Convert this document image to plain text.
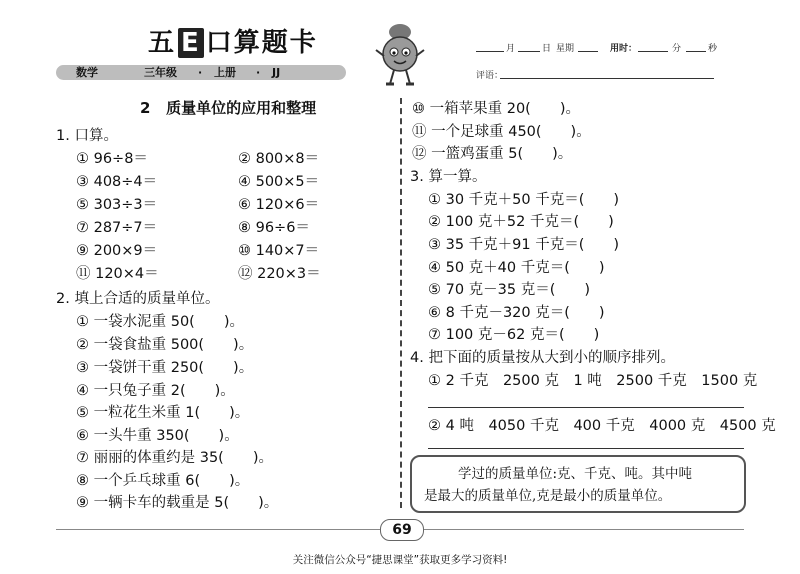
五 E 口算题卡
数学	三年级 · 上册 · JJ
月	日 星期	用时：	分	秒
评语：
2 质量单位的应用和整理
1. 口算。
① 96÷8＝	② 800×8＝
③ 408÷4＝	④ 500×5＝
⑤ 303÷3＝	⑥ 120×6＝
⑦ 287÷7＝	⑧ 96÷6＝
⑨ 200×9＝	⑩ 140×7＝
⑪ 120×4＝	⑫ 220×3＝
2. 填上合适的质量单位。
① 一袋水泥重 50(　　)。
② 一袋食盐重 500(　　)。
③ 一袋饼干重 250(　　)。
④ 一只兔子重 2(　　)。
⑤ 一粒花生米重 1(　　)。
⑥ 一头牛重 350(　　)。
⑦ 丽丽的体重约是 35(　　)。
⑧ 一个乒乓球重 6(　　)。
⑨ 一辆卡车的载重是 5(　　)。
⑩ 一箱苹果重 20(　　)。
⑪ 一个足球重 450(　　)。
⑫ 一篮鸡蛋重 5(　　)。
3. 算一算。
① 30 千克＋50 千克＝(　　)
② 100 克＋52 千克＝(　　)
③ 35 千克＋91 千克＝(　　)
④ 50 克＋40 千克＝(　　)
⑤ 70 克－35 克＝(　　)
⑥ 8 千克－320 克＝(　　)
⑦ 100 克－62 克＝(　　)
4. 把下面的质量按从大到小的顺序排列。
① 2 千克　2500 克　1 吨　2500 千克　1500 克
② 4 吨　4050 千克　400 千克　4000 克　4500 克
学过的质量单位:克、千克、吨。其中吨
是最大的质量单位,克是最小的质量单位。
69
关注微信公众号“捷思课堂”获取更多学习资料!
